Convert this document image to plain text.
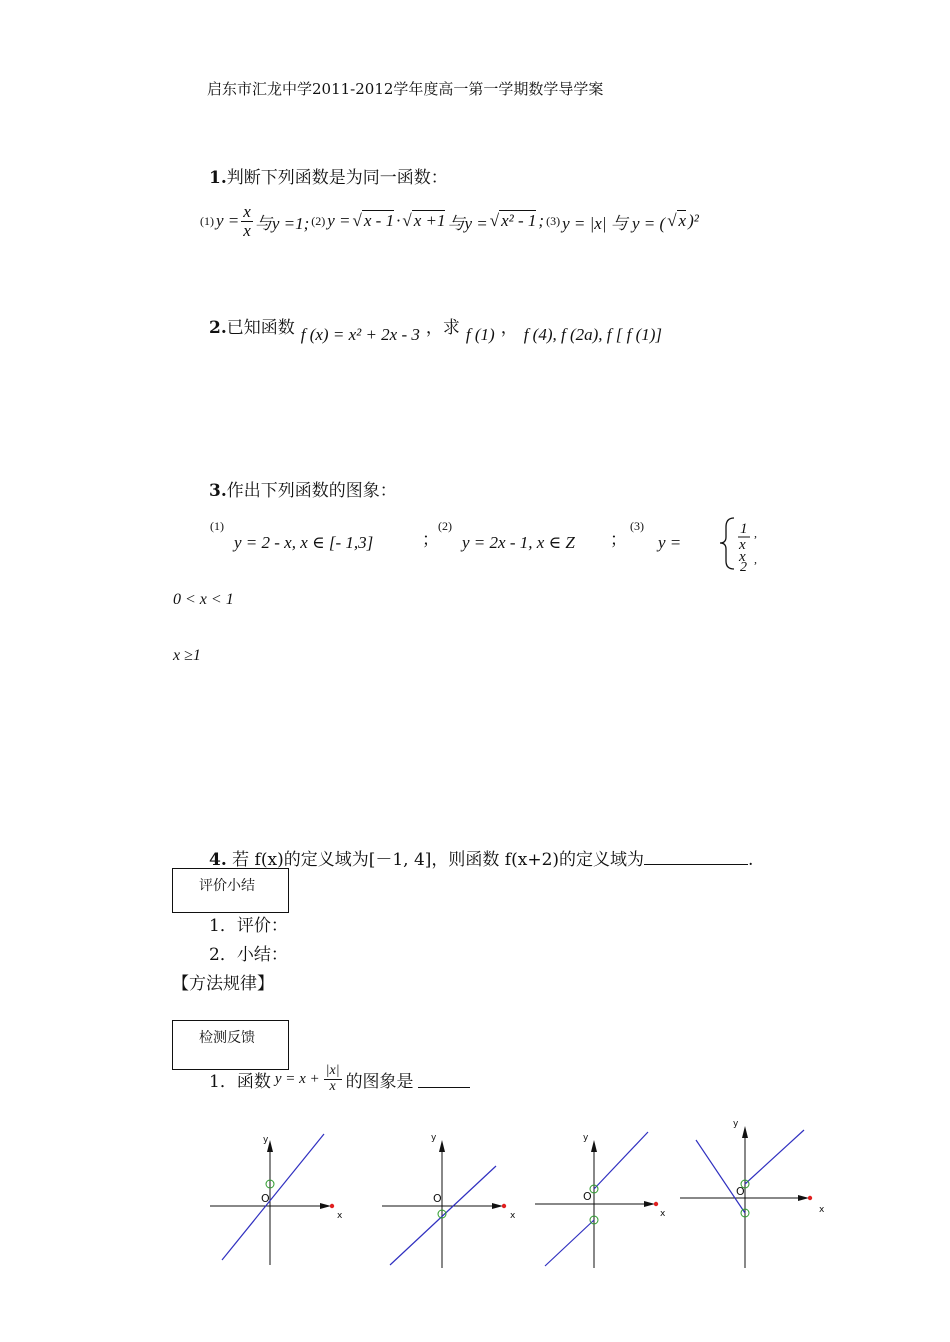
启东市汇龙中学2011-2012学年度高一第一学期数学导学案
1.判断下列函数是为同一函数：
(1) $y = \frac{x}{x}$ 与y =1; (2) y = √ x - 1 · √ x +1 与y = √ x² - 1 ; (3) y = |x| 与 y = ( √ x )²
2.已知函数 f (x) = x² + 2x - 3 ，求 f (1) ， f (4), f (2a), f [ f (1)]
3.作出下列函数的图象：
(1)
y = 2 - x, x ∈ [- 1,3]	；
(2)
y = 2x - 1, x ∈ Z ；
(3)
y =
1
x
x
2
,
,
0 < x < 1
x ≥1
4. 若 f(x)的定义域为[－1, 4]，则函数 f(x+2)的定义域为	.
评价小结
1．评价：
2．小结：
【方法规律】
检测反馈
1．函数 $y = x + \frac{|x|}{x}$ 的图象是
y
x
O
y
x
O
y
x
O
y
x
O
